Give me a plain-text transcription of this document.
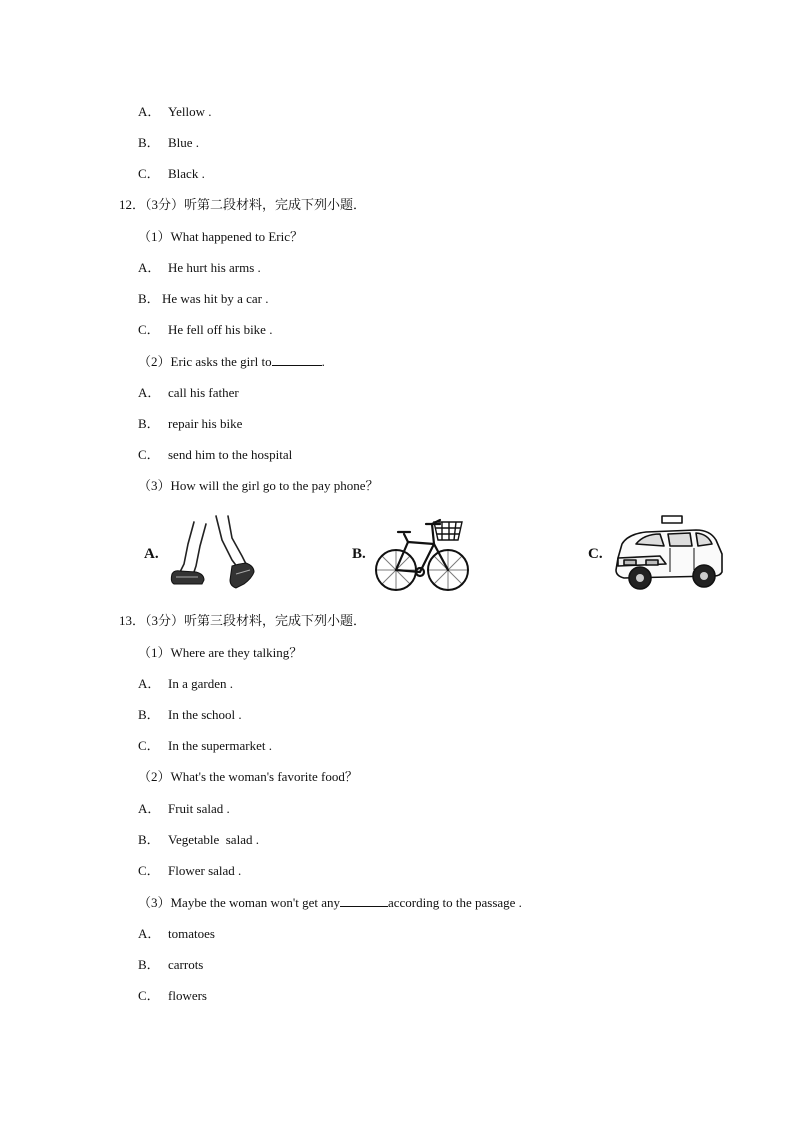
A． Yellow .
B． Blue .
C． Black .
12．（3分）听第二段材料，完成下列小题．
（1）What happened to Eric？
A． He hurt his arms .
B． He was hit by a car .
C． He fell off his bike .
（2）Eric asks the girl to	.
A． call his father
B． repair his bike
C． send him to the hospital
（3）How will the girl go to the pay phone？
A.	B.	C.
13．（3分）听第三段材料，完成下列小题．
（1）Where are they talking？
A． In a garden .
B． In the school .
C． In the supermarket .
（2）What's the woman's favorite food？
A． Fruit salad .
B． Vegetable  salad .
C． Flower salad .
（3）Maybe the woman won't get any	according to the passage .
A． tomatoes
B． carrots
C． flowers
